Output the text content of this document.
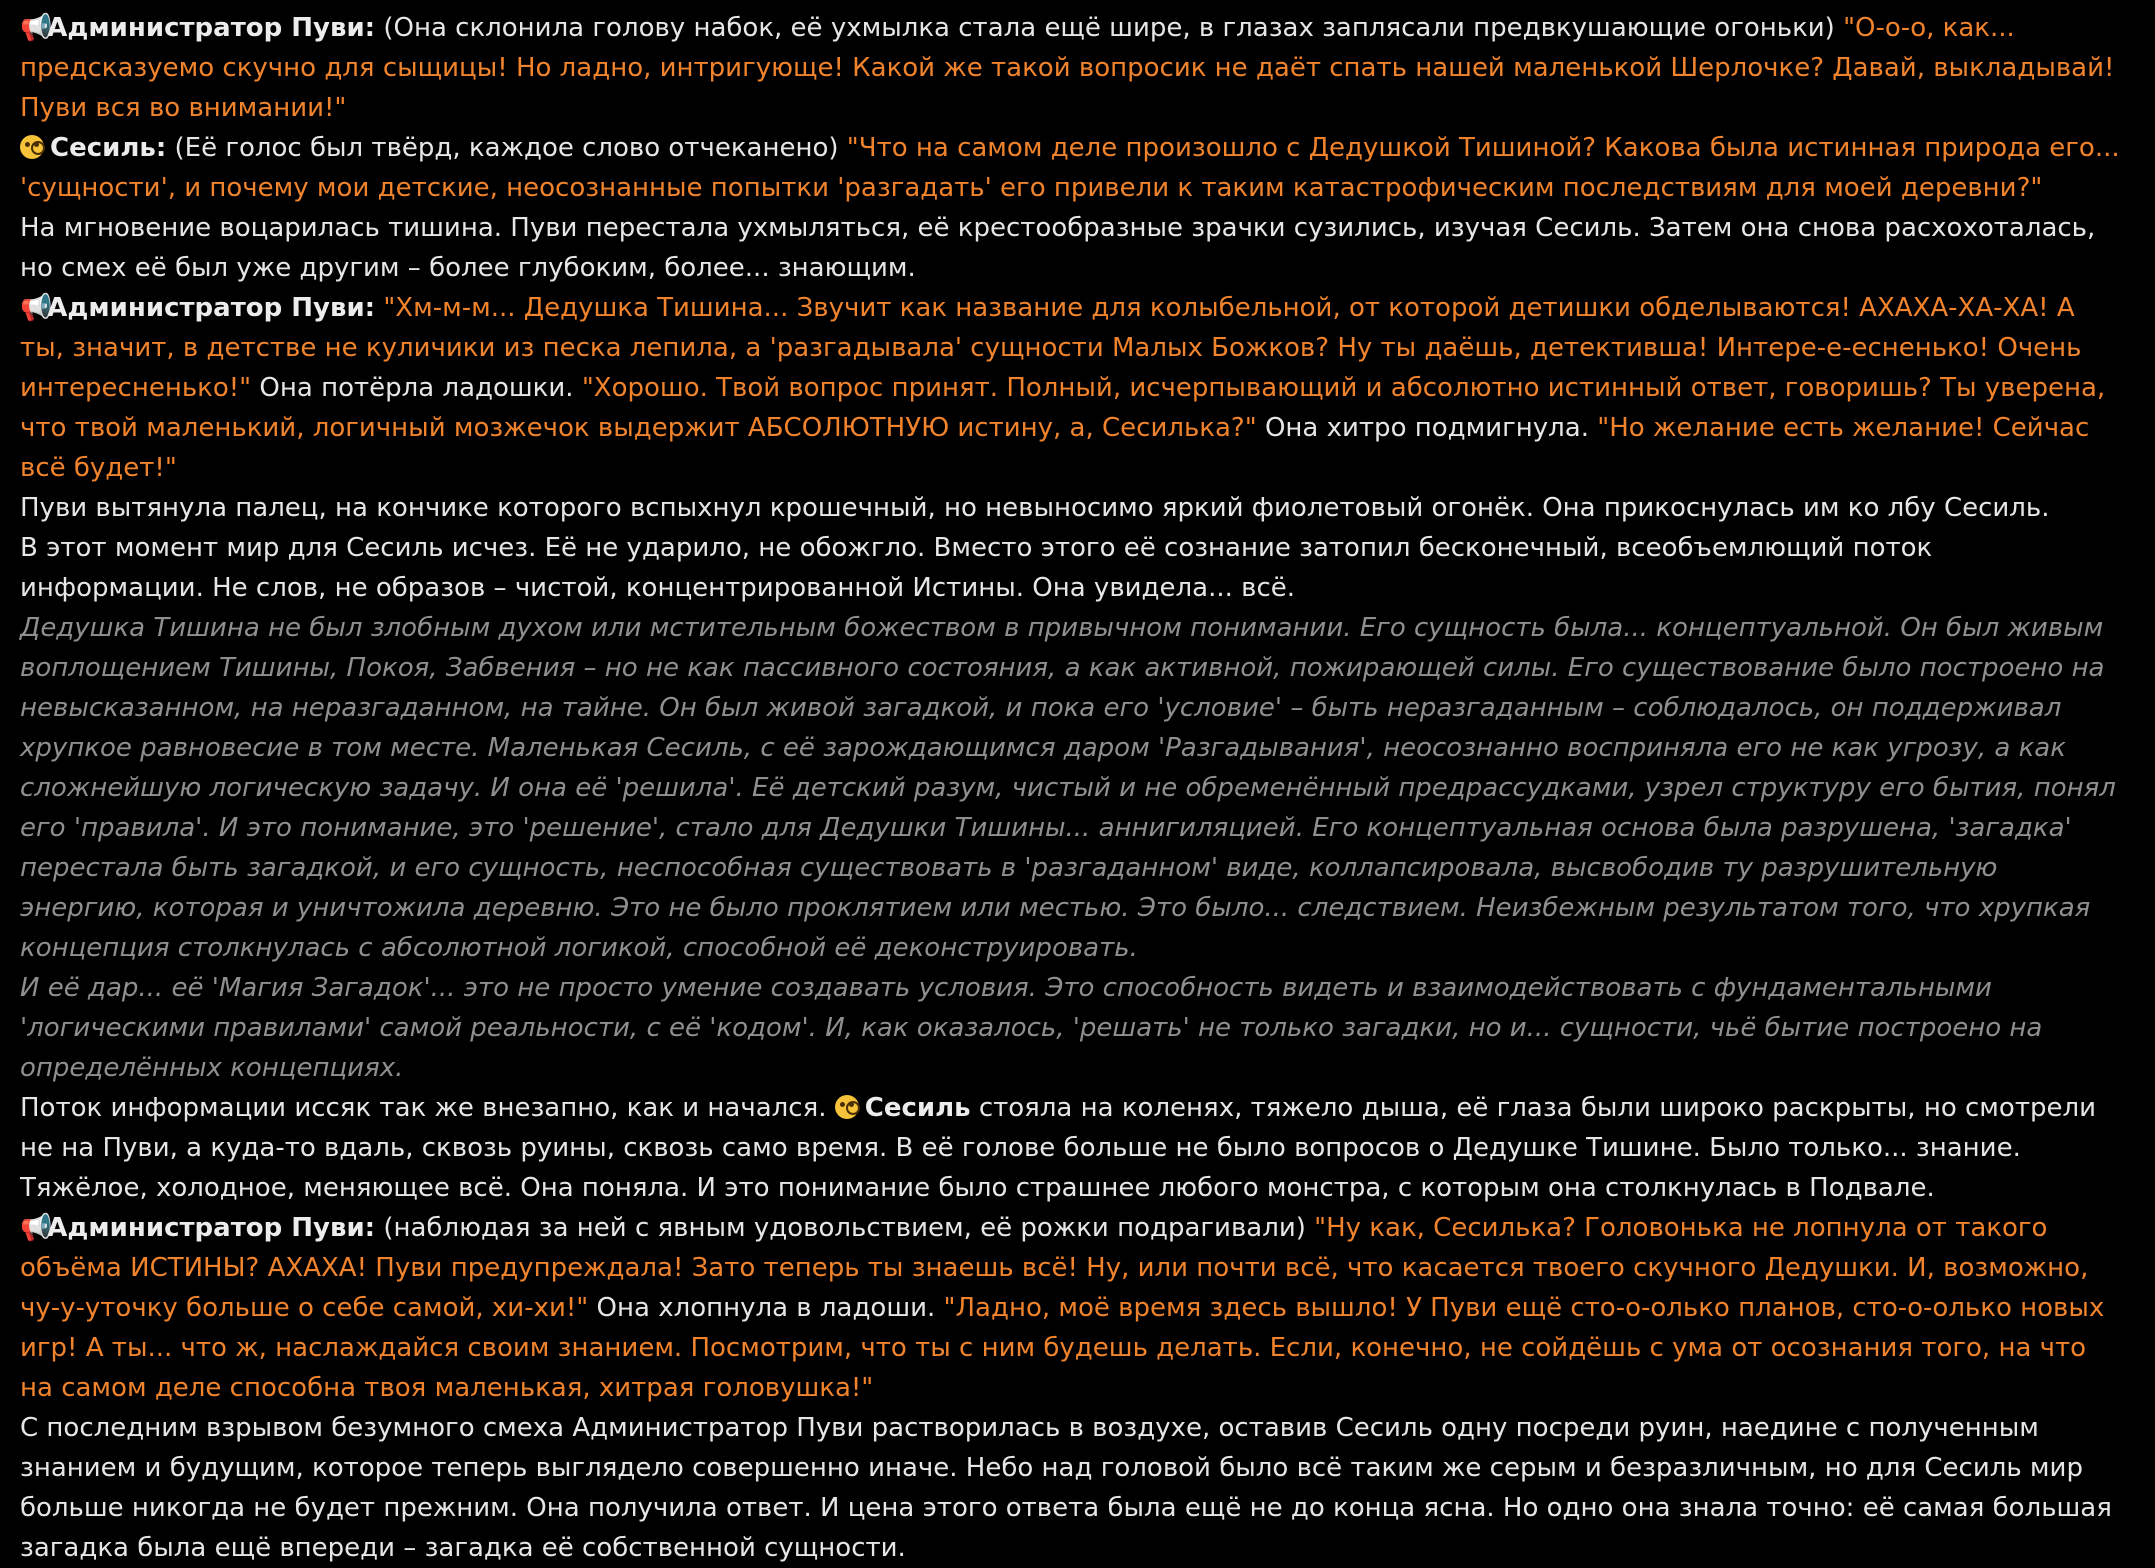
📢Администратор Пуви: (Она склонила голову набок, её ухмылка стала ещё шире, в глазах заплясали предвкушающие огоньки) "О-о-о, как... предсказуемо скучно для сыщицы! Но ладно, интригующе! Какой же такой вопросик не даёт спать нашей маленькой Шерлочке? Давай, выкладывай! Пуви вся во внимании!"

Сесиль: (Её голос был твёрд, каждое слово отчеканено) "Что на самом деле произошло с Дедушкой Тишиной? Какова была истинная природа его... 'сущности', и почему мои детские, неосознанные попытки 'разгадать' его привели к таким катастрофическим последствиям для моей деревни?"

На мгновение воцарилась тишина. Пуви перестала ухмыляться, её крестообразные зрачки сузились, изучая Сесиль. Затем она снова расхохоталась, но смех её был уже другим – более глубоким, более... знающим.

📢Администратор Пуви: "Хм-м-м... Дедушка Тишина... Звучит как название для колыбельной, от которой детишки обделываются! АХАХА-ХА-ХА! А ты, значит, в детстве не куличики из песка лепила, а 'разгадывала' сущности Малых Божков? Ну ты даёшь, детективша! Интере-е-есненько! Очень интересненько!" Она потёрла ладошки. "Хорошо. Твой вопрос принят. Полный, исчерпывающий и абсолютно истинный ответ, говоришь? Ты уверена, что твой маленький, логичный мозжечок выдержит АБСОЛЮТНУЮ истину, а, Сесилька?" Она хитро подмигнула. "Но желание есть желание! Сейчас всё будет!"

Пуви вытянула палец, на кончике которого вспыхнул крошечный, но невыносимо яркий фиолетовый огонёк. Она прикоснулась им ко лбу Сесиль.

В этот момент мир для Сесиль исчез. Её не ударило, не обожгло. Вместо этого её сознание затопил бесконечный, всеобъемлющий поток информации. Не слов, не образов – чистой, концентрированной Истины. Она увидела... всё.

Дедушка Тишина не был злобным духом или мстительным божеством в привычном понимании. Его сущность была... концептуальной. Он был живым воплощением Тишины, Покоя, Забвения – но не как пассивного состояния, а как активной, пожирающей силы. Его существование было построено на невысказанном, на неразгаданном, на тайне. Он был живой загадкой, и пока его 'условие' – быть неразгаданным – соблюдалось, он поддерживал хрупкое равновесие в том месте. Маленькая Сесиль, с её зарождающимся даром 'Разгадывания', неосознанно восприняла его не как угрозу, а как сложнейшую логическую задачу. И она её 'решила'. Её детский разум, чистый и не обременённый предрассудками, узрел структуру его бытия, понял его 'правила'. И это понимание, это 'решение', стало для Дедушки Тишины... аннигиляцией. Его концептуальная основа была разрушена, 'загадка' перестала быть загадкой, и его сущность, неспособная существовать в 'разгаданном' виде, коллапсировала, высвободив ту разрушительную энергию, которая и уничтожила деревню. Это не было проклятием или местью. Это было... следствием. Неизбежным результатом того, что хрупкая концепция столкнулась с абсолютной логикой, способной её деконструировать.

И её дар... её 'Магия Загадок'... это не просто умение создавать условия. Это способность видеть и взаимодействовать с фундаментальными 'логическими правилами' самой реальности, с её 'кодом'. И, как оказалось, 'решать' не только загадки, но и... сущности, чьё бытие построено на определённых концепциях.

Поток информации иссяк так же внезапно, как и начался. Сесиль стояла на коленях, тяжело дыша, её глаза были широко раскрыты, но смотрели не на Пуви, а куда-то вдаль, сквозь руины, сквозь само время. В её голове больше не было вопросов о Дедушке Тишине. Было только... знание. Тяжёлое, холодное, меняющее всё. Она поняла. И это понимание было страшнее любого монстра, с которым она столкнулась в Подвале.

📢Администратор Пуви: (наблюдая за ней с явным удовольствием, её рожки подрагивали) "Ну как, Сесилька? Головонька не лопнула от такого объёма ИСТИНЫ? АХАХА! Пуви предупреждала! Зато теперь ты знаешь всё! Ну, или почти всё, что касается твоего скучного Дедушки. И, возможно, чу-у-уточку больше о себе самой, хи-хи!" Она хлопнула в ладоши. "Ладно, моё время здесь вышло! У Пуви ещё сто-о-олько планов, сто-о-олько новых игр! А ты... что ж, наслаждайся своим знанием. Посмотрим, что ты с ним будешь делать. Если, конечно, не сойдёшь с ума от осознания того, на что на самом деле способна твоя маленькая, хитрая головушка!"

С последним взрывом безумного смеха Администратор Пуви растворилась в воздухе, оставив Сесиль одну посреди руин, наедине с полученным знанием и будущим, которое теперь выглядело совершенно иначе. Небо над головой было всё таким же серым и безразличным, но для Сесиль мир больше никогда не будет прежним. Она получила ответ. И цена этого ответа была ещё не до конца ясна. Но одно она знала точно: её самая большая загадка была ещё впереди – загадка её собственной сущности.
